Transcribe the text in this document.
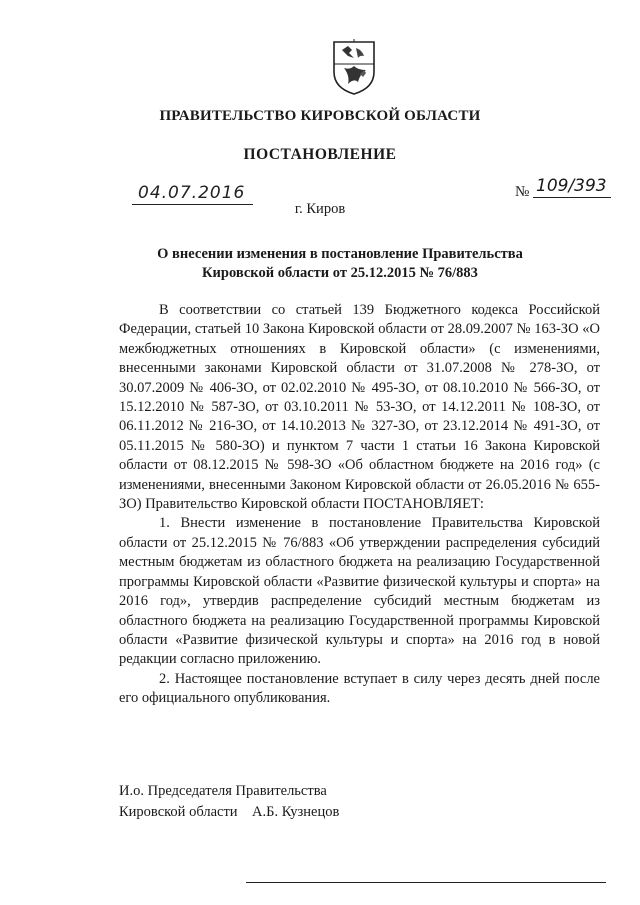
ПРАВИТЕЛЬСТВО КИРОВСКОЙ ОБЛАСТИ
ПОСТАНОВЛЕНИЕ
04.07.2016	№ 109/393
г. Киров
О внесении изменения в постановление Правительства Кировской области от 25.12.2015 № 76/883

В соответствии со статьей 139 Бюджетного кодекса Российской Федерации, статьей 10 Закона Кировской области от 28.09.2007 № 163-ЗО «О межбюджетных отношениях в Кировской области» (с изменениями, внесенными законами Кировской области от 31.07.2008 № 278-ЗО, от 30.07.2009 № 406-ЗО, от 02.02.2010 № 495-ЗО, от 08.10.2010 № 566-ЗО, от 15.12.2010 № 587-ЗО, от 03.10.2011 № 53-ЗО, от 14.12.2011 № 108-ЗО, от 06.11.2012 № 216-ЗО, от 14.10.2013 № 327-ЗО, от 23.12.2014 № 491-ЗО, от 05.11.2015 № 580-ЗО) и пунктом 7 части 1 статьи 16 Закона Кировской области от 08.12.2015 № 598-ЗО «Об областном бюджете на 2016 год» (с изменениями, внесенными Законом Кировской области от 26.05.2016 № 655-ЗО) Правительство Кировской области ПОСТАНОВЛЯЕТ:

1. Внести изменение в постановление Правительства Кировской области от 25.12.2015 № 76/883 «Об утверждении распределения субсидий местным бюджетам из областного бюджета на реализацию Государственной программы Кировской области «Развитие физической культуры и спорта» на 2016 год», утвердив распределение субсидий местным бюджетам из областного бюджета на реализацию Государственной программы Кировской области «Развитие физической культуры и спорта» на 2016 год в новой редакции согласно приложению.

2. Настоящее постановление вступает в силу через десять дней после его официального опубликования.

И.о. Председателя Правительства
Кировской области    А.Б. Кузнецов
